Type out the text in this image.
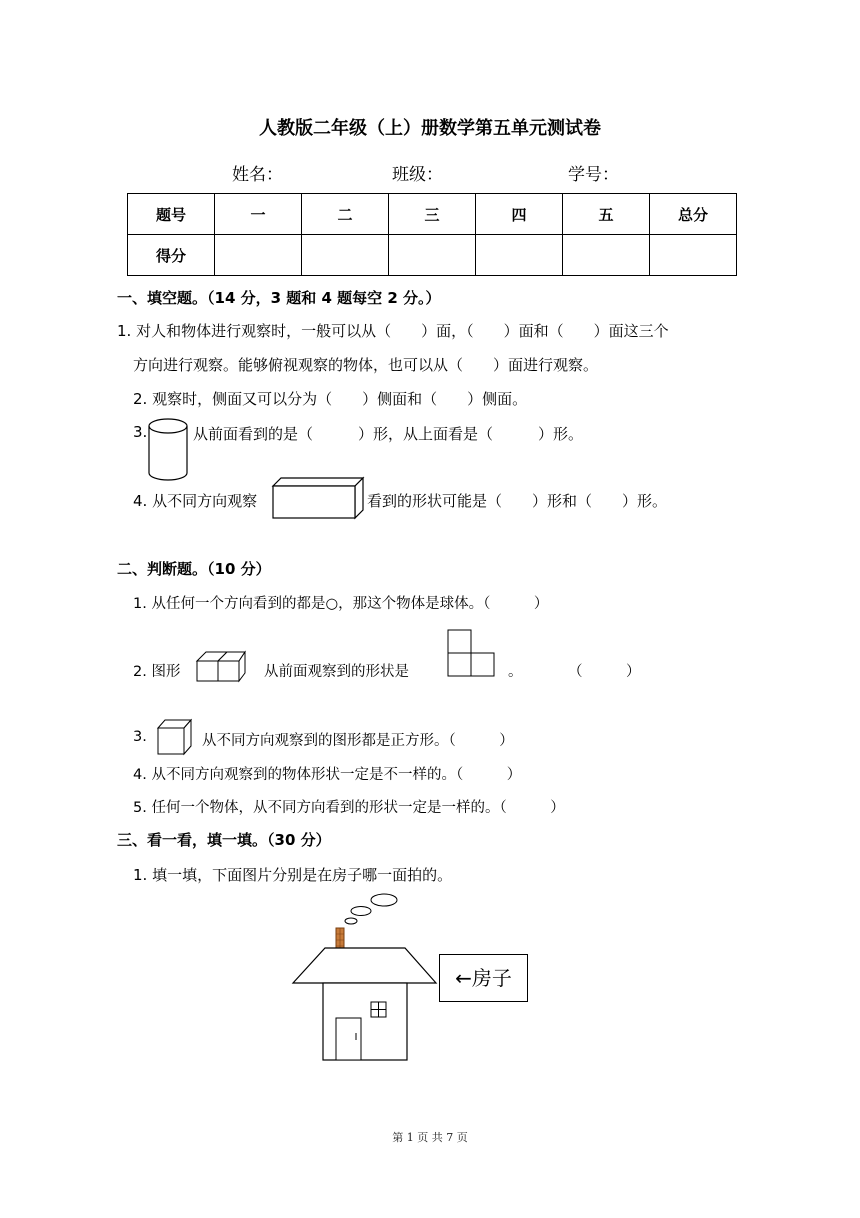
人教版二年级（上）册数学第五单元测试卷
姓名：	班级：	学号：
题号	一	二	三	四	五	总分
得分						
一、填空题。（14 分，3 题和 4 题每空 2 分。）
1. 对人和物体进行观察时，一般可以从（　　）面，（　　）面和（　　）面这三个
方向进行观察。能够俯视观察的物体，也可以从（　　）面进行观察。
2. 观察时，侧面又可以分为（　　）侧面和（　　）侧面。
3.	从前面看到的是（　　　）形，从上面看是（　　　）形。
4. 从不同方向观察	看到的形状可能是（　　）形和（　　）形。
二、判断题。（10 分）
1. 从任何一个方向看到的都是○，那这个物体是球体。（　　　）
2. 图形	从前面观察到的形状是	。	（　　　）
3.	从不同方向观察到的图形都是正方形。（　　　）
4. 从不同方向观察到的物体形状一定是不一样的。（　　　）
5. 任何一个物体，从不同方向看到的形状一定是一样的。（　　　）
三、看一看，填一填。（30 分）
1. 填一填，下面图片分别是在房子哪一面拍的。
←房子
第 1 页 共 7 页
